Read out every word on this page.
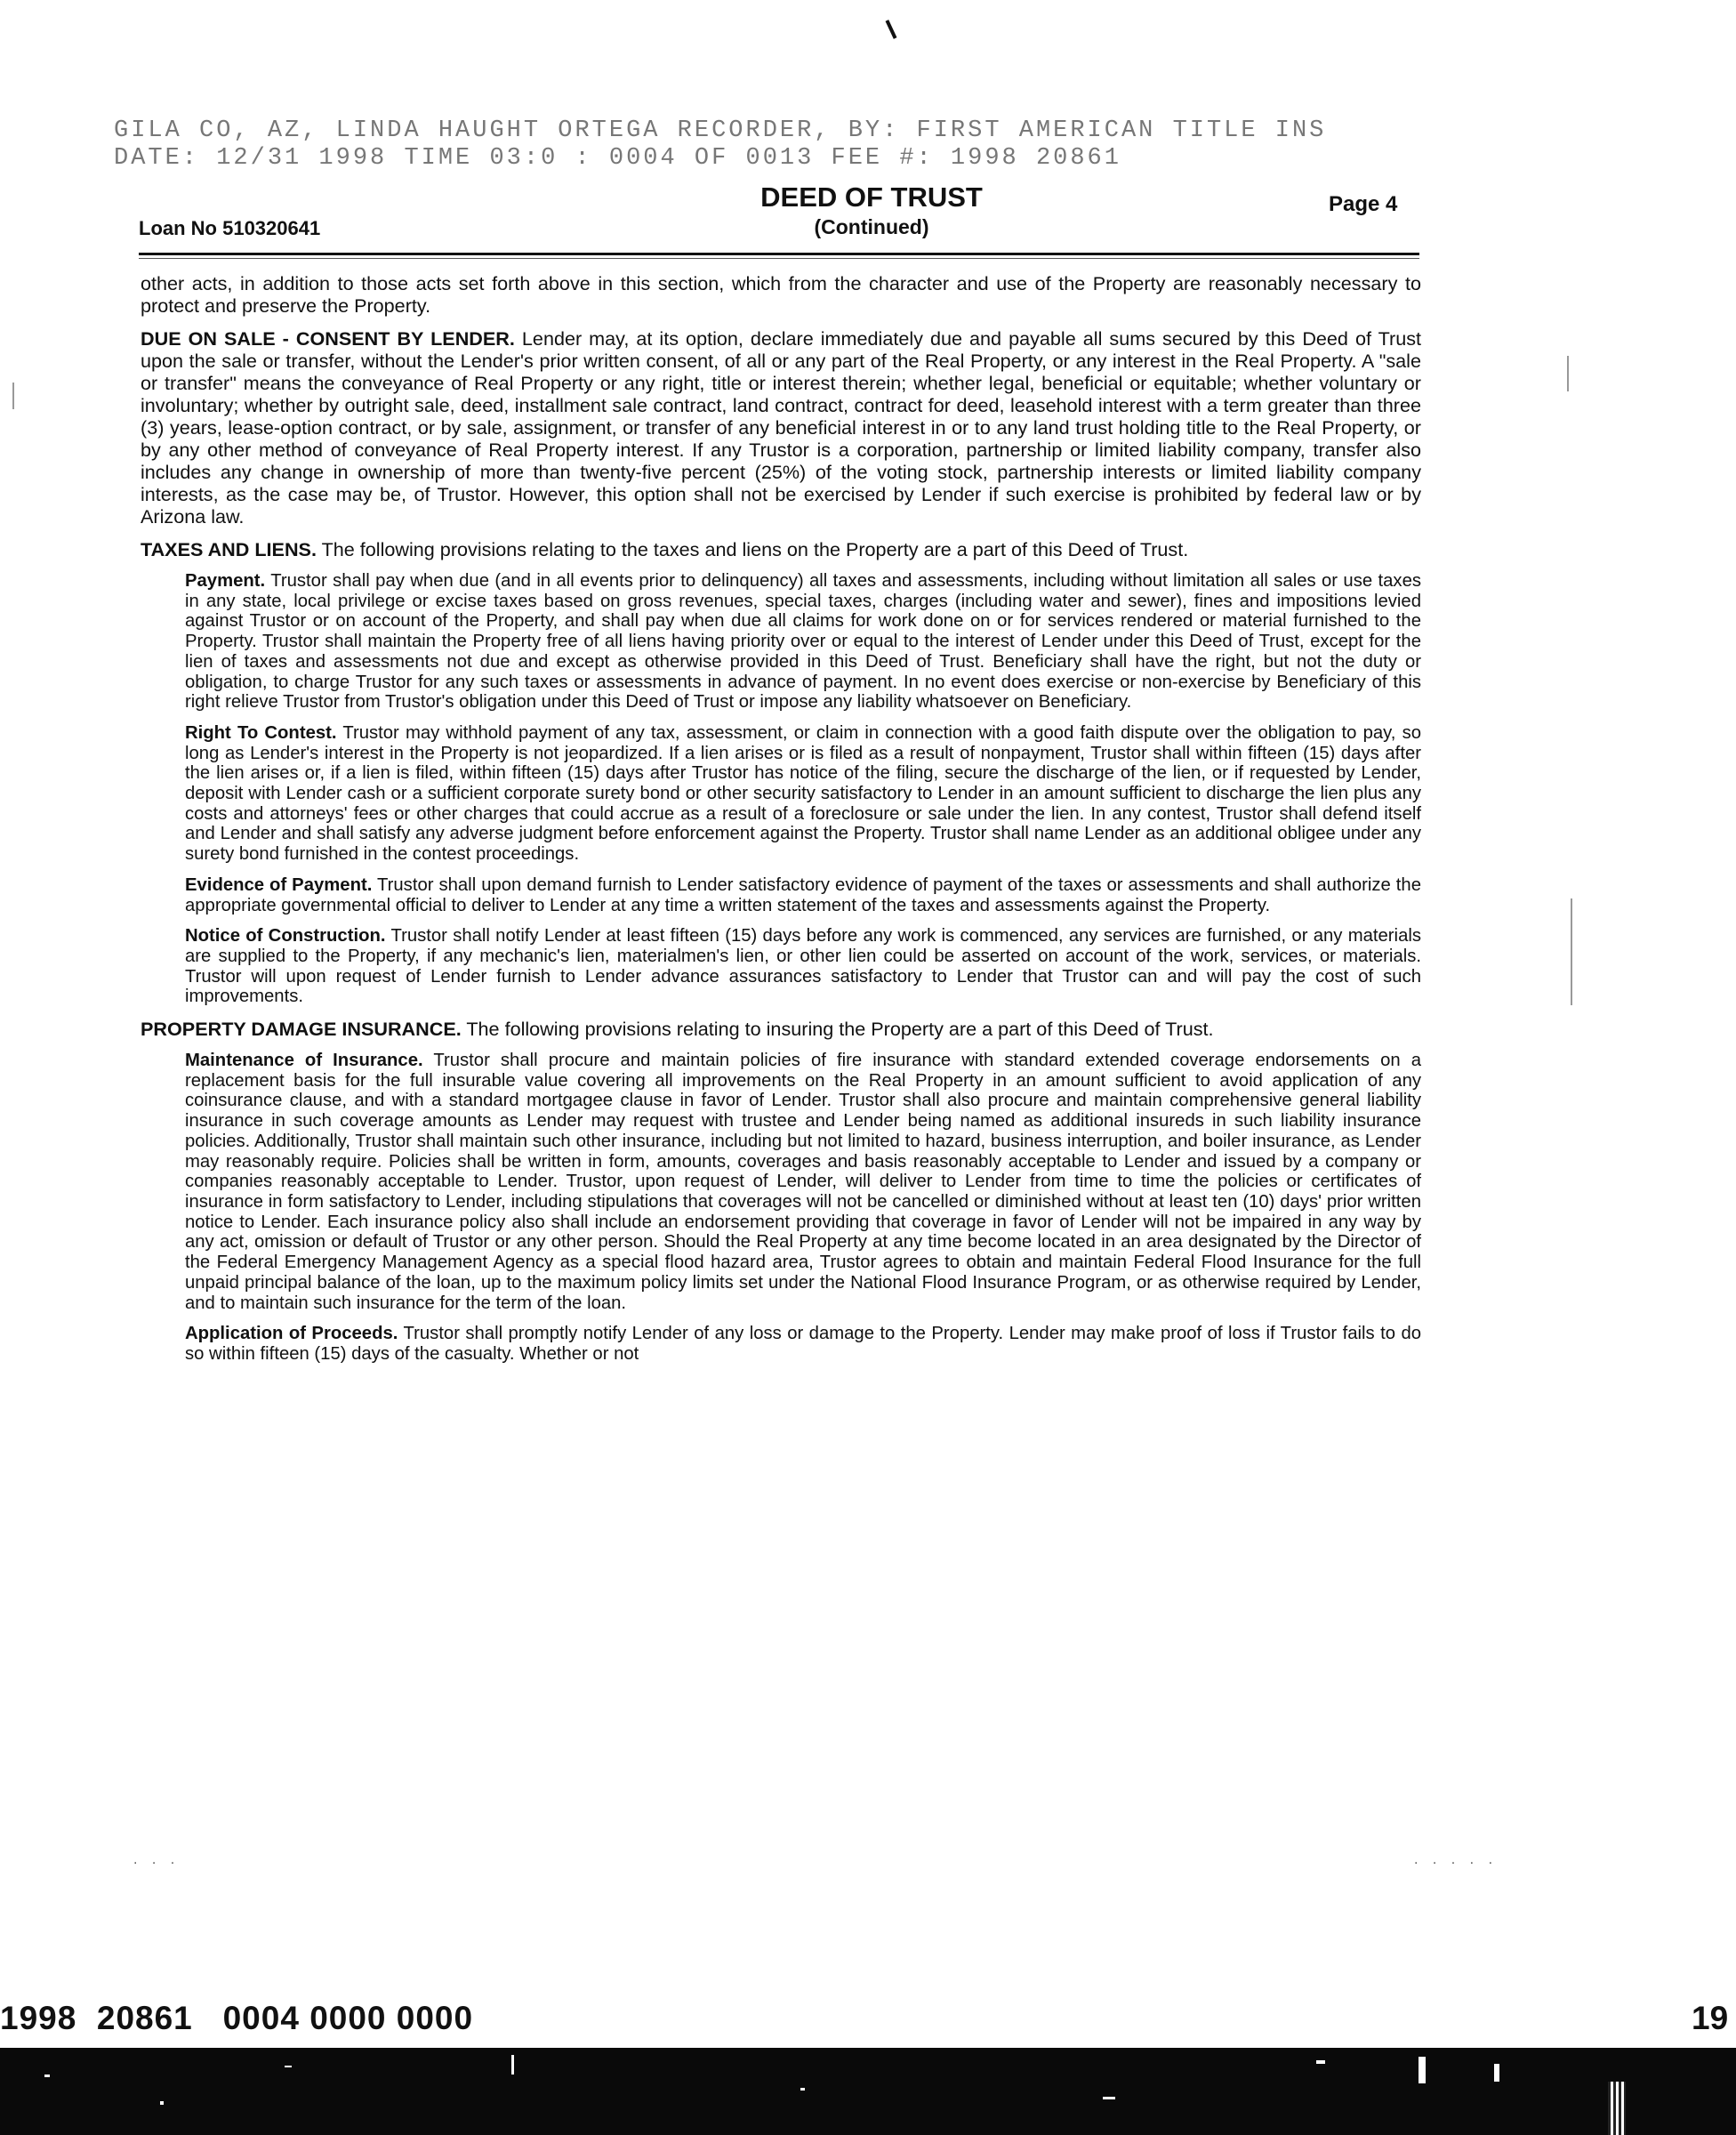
GILA CO, AZ, LINDA HAUGHT ORTEGA RECORDER, BY: FIRST AMERICAN TITLE INS
DATE: 12/31 1998 TIME 03:0 : 0004 OF 0013 FEE #: 1998 20861
Loan No 510320641
DEED OF TRUST
(Continued)
Page 4

other acts, in addition to those acts set forth above in this section, which from the character and use of the Property are reasonably necessary to protect and preserve the Property.

DUE ON SALE - CONSENT BY LENDER. Lender may, at its option, declare immediately due and payable all sums secured by this Deed of Trust upon the sale or transfer, without the Lender's prior written consent, of all or any part of the Real Property, or any interest in the Real Property. A "sale or transfer" means the conveyance of Real Property or any right, title or interest therein; whether legal, beneficial or equitable; whether voluntary or involuntary; whether by outright sale, deed, installment sale contract, land contract, contract for deed, leasehold interest with a term greater than three (3) years, lease-option contract, or by sale, assignment, or transfer of any beneficial interest in or to any land trust holding title to the Real Property, or by any other method of conveyance of Real Property interest. If any Trustor is a corporation, partnership or limited liability company, transfer also includes any change in ownership of more than twenty-five percent (25%) of the voting stock, partnership interests or limited liability company interests, as the case may be, of Trustor. However, this option shall not be exercised by Lender if such exercise is prohibited by federal law or by Arizona law.

TAXES AND LIENS. The following provisions relating to the taxes and liens on the Property are a part of this Deed of Trust.

Payment. Trustor shall pay when due (and in all events prior to delinquency) all taxes and assessments, including without limitation all sales or use taxes in any state, local privilege or excise taxes based on gross revenues, special taxes, charges (including water and sewer), fines and impositions levied against Trustor or on account of the Property, and shall pay when due all claims for work done on or for services rendered or material furnished to the Property. Trustor shall maintain the Property free of all liens having priority over or equal to the interest of Lender under this Deed of Trust, except for the lien of taxes and assessments not due and except as otherwise provided in this Deed of Trust. Beneficiary shall have the right, but not the duty or obligation, to charge Trustor for any such taxes or assessments in advance of payment. In no event does exercise or non-exercise by Beneficiary of this right relieve Trustor from Trustor's obligation under this Deed of Trust or impose any liability whatsoever on Beneficiary.

Right To Contest. Trustor may withhold payment of any tax, assessment, or claim in connection with a good faith dispute over the obligation to pay, so long as Lender's interest in the Property is not jeopardized. If a lien arises or is filed as a result of nonpayment, Trustor shall within fifteen (15) days after the lien arises or, if a lien is filed, within fifteen (15) days after Trustor has notice of the filing, secure the discharge of the lien, or if requested by Lender, deposit with Lender cash or a sufficient corporate surety bond or other security satisfactory to Lender in an amount sufficient to discharge the lien plus any costs and attorneys' fees or other charges that could accrue as a result of a foreclosure or sale under the lien. In any contest, Trustor shall defend itself and Lender and shall satisfy any adverse judgment before enforcement against the Property. Trustor shall name Lender as an additional obligee under any surety bond furnished in the contest proceedings.

Evidence of Payment. Trustor shall upon demand furnish to Lender satisfactory evidence of payment of the taxes or assessments and shall authorize the appropriate governmental official to deliver to Lender at any time a written statement of the taxes and assessments against the Property.

Notice of Construction. Trustor shall notify Lender at least fifteen (15) days before any work is commenced, any services are furnished, or any materials are supplied to the Property, if any mechanic's lien, materialmen's lien, or other lien could be asserted on account of the work, services, or materials. Trustor will upon request of Lender furnish to Lender advance assurances satisfactory to Lender that Trustor can and will pay the cost of such improvements.

PROPERTY DAMAGE INSURANCE. The following provisions relating to insuring the Property are a part of this Deed of Trust.

Maintenance of Insurance. Trustor shall procure and maintain policies of fire insurance with standard extended coverage endorsements on a replacement basis for the full insurable value covering all improvements on the Real Property in an amount sufficient to avoid application of any coinsurance clause, and with a standard mortgagee clause in favor of Lender. Trustor shall also procure and maintain comprehensive general liability insurance in such coverage amounts as Lender may request with trustee and Lender being named as additional insureds in such liability insurance policies. Additionally, Trustor shall maintain such other insurance, including but not limited to hazard, business interruption, and boiler insurance, as Lender may reasonably require. Policies shall be written in form, amounts, coverages and basis reasonably acceptable to Lender and issued by a company or companies reasonably acceptable to Lender. Trustor, upon request of Lender, will deliver to Lender from time to time the policies or certificates of insurance in form satisfactory to Lender, including stipulations that coverages will not be cancelled or diminished without at least ten (10) days' prior written notice to Lender. Each insurance policy also shall include an endorsement providing that coverage in favor of Lender will not be impaired in any way by any act, omission or default of Trustor or any other person. Should the Real Property at any time become located in an area designated by the Director of the Federal Emergency Management Agency as a special flood hazard area, Trustor agrees to obtain and maintain Federal Flood Insurance for the full unpaid principal balance of the loan, up to the maximum policy limits set under the National Flood Insurance Program, or as otherwise required by Lender, and to maintain such insurance for the term of the loan.

Application of Proceeds. Trustor shall promptly notify Lender of any loss or damage to the Property. Lender may make proof of loss if Trustor fails to do so within fifteen (15) days of the casualty. Whether or not

. . .	. . . . .
1998  20861   0004 0000 0000	19
